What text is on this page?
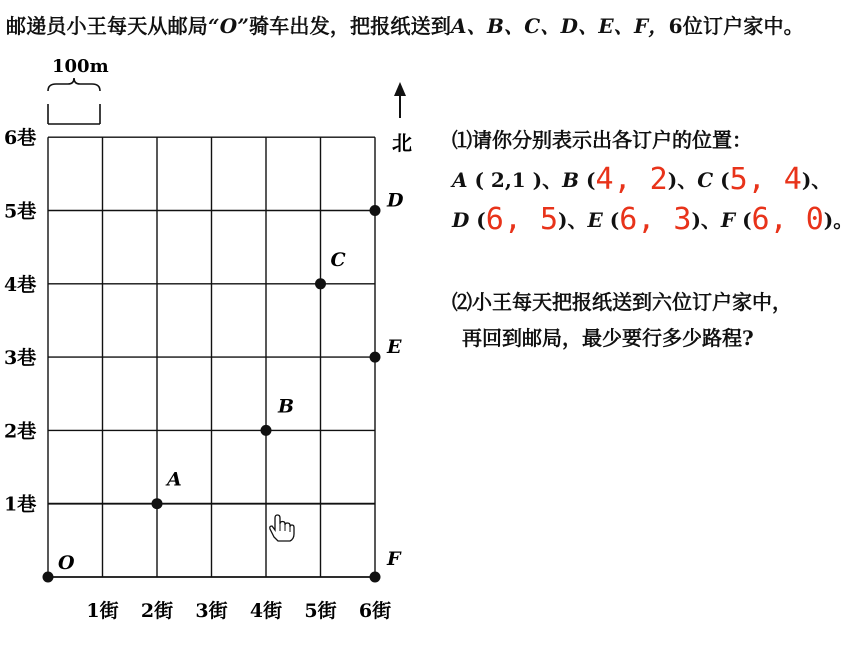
邮递员小王每天从邮局“O”骑车出发，把报纸送到A、B、C、D、E、F，6位订户家中。
100m
北
1巷
2巷
3巷
4巷
5巷
6巷
1街 2街 3街 4街 5街 6街
O
A
B
C
D
E
F
⑴请你分别表示出各订户的位置：
A ( 2,1 )、B (4, 2)、C (5, 4)、
D (6, 5)、E (6, 3)、F (6, 0)。
⑵小王每天把报纸送到六位订户家中，
再回到邮局，最少要行多少路程?
